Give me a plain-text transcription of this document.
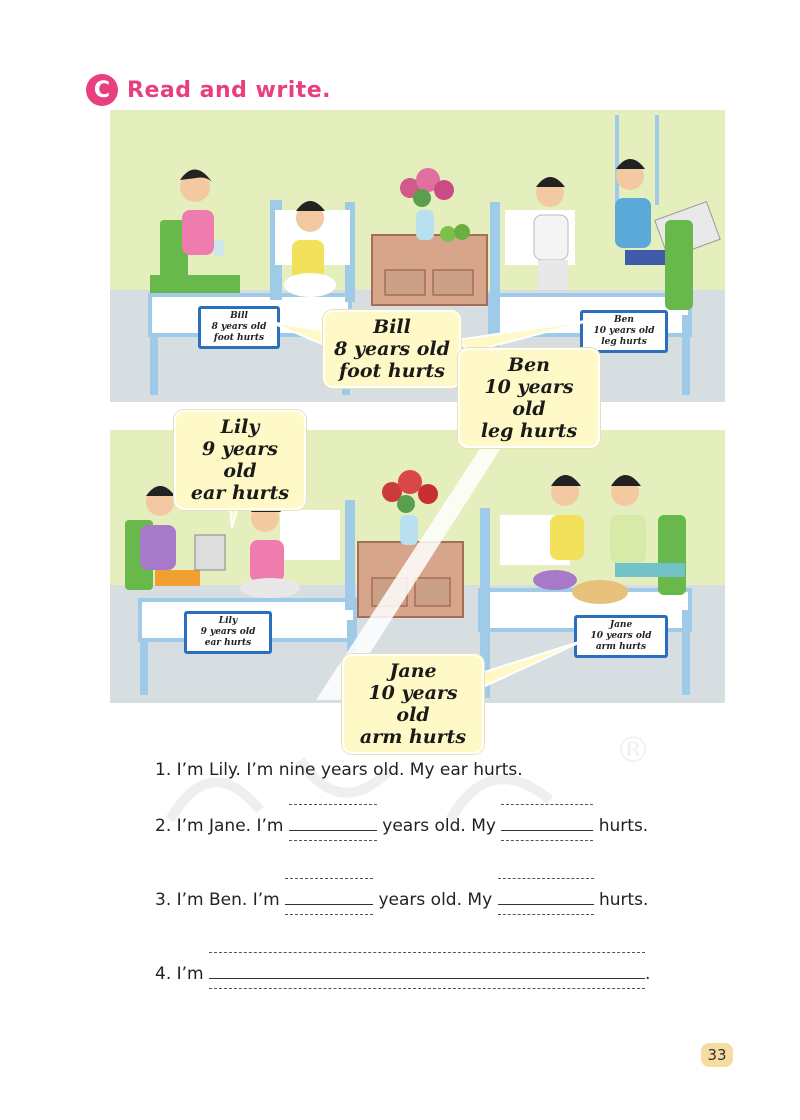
C Read and write.
Bill
8 years old
foot hurts
Ben
10 years old
leg hurts
Lily
9 years old
ear hurts
Jane
10 years old
arm hurts
Bill
8 years old
foot hurts	Ben
10 years old
leg hurts
Lily
9 years old
ear hurts
Jane
10 years old
arm hurts	®
1. I’m Lily. I’m nine years old. My ear hurts.
2. I’m Jane. I’m	years old. My	hurts.
3. I’m Ben. I’m	years old. My	hurts.
4. I’m	.
33
